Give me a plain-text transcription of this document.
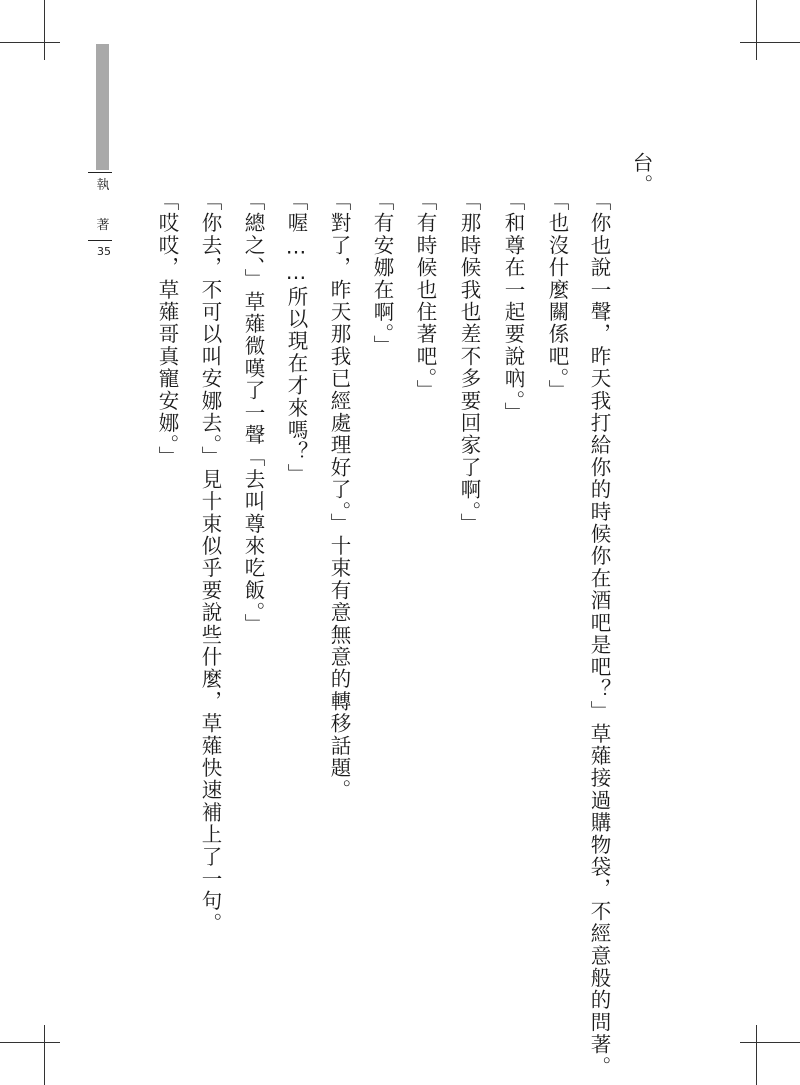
執
著
35
台。
「你也說一聲，昨天我打給你的時候你在酒吧是吧？」草薙接過購物袋，不經意般的問著。
「也沒什麼關係吧。」
「和尊在一起要說吶。」
「那時候我也差不多要回家了啊。」
「有時候也住著吧。」
「有安娜在啊。」
「對了，昨天那我已經處理好了。」十束有意無意的轉移話題。
「喔……所以現在才來嗎？」
「總之、」草薙微嘆了一聲「去叫尊來吃飯。」
「你去，不可以叫安娜去。」見十束似乎要說些什麼，草薙快速補上了一句。
「哎哎，草薙哥真寵安娜。」
